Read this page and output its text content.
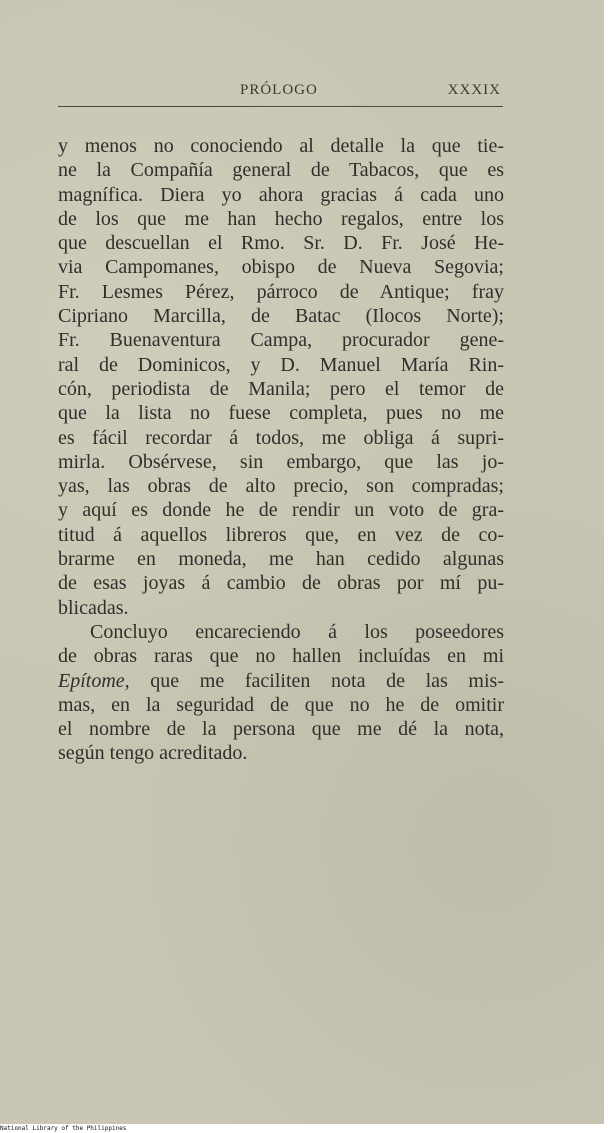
PRÓLOGO	XXXIX
y menos no conociendo al detalle la que tie-
ne la Compañía general de Tabacos, que es
magnífica. Diera yo ahora gracias á cada uno
de los que me han hecho regalos, entre los
que descuellan el Rmo. Sr. D. Fr. José He-
via Campomanes, obispo de Nueva Segovia;
Fr. Lesmes Pérez, párroco de Antique; fray
Cipriano Marcilla, de Batac (Ilocos Norte);
Fr. Buenaventura Campa, procurador gene-
ral de Dominicos, y D. Manuel María Rin-
cón, periodista de Manila; pero el temor de
que la lista no fuese completa, pues no me
es fácil recordar á todos, me obliga á supri-
mirla. Obsérvese, sin embargo, que las jo-
yas, las obras de alto precio, son compradas;
y aquí es donde he de rendir un voto de gra-
titud á aquellos libreros que, en vez de co-
brarme en moneda, me han cedido algunas
de esas joyas á cambio de obras por mí pu-
blicadas.
Concluyo encareciendo á los poseedores
de obras raras que no hallen incluídas en mi
Epítome, que me faciliten nota de las mis-
mas, en la seguridad de que no he de omitir
el nombre de la persona que me dé la nota,
según tengo acreditado.
National Library of the Philippines
